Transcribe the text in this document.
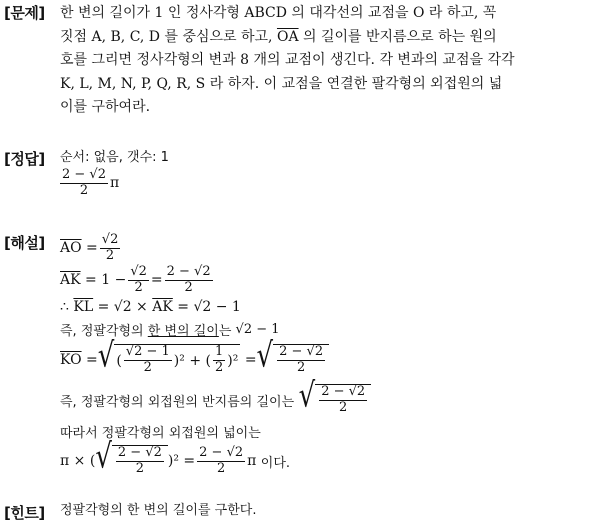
[문제] 한 변의 길이가 1 인 정사각형 ABCD 의 대각선의 교점을 O 라 하고, 꼭
짓점 A, B, C, D 를 중심으로 하고, $\overline{OA}$ 의 길이를 반지름으로 하는 원의
호를 그리면 정사각형의 변과 8 개의 교점이 생긴다. 각 변과의 교점을 각각
K, L, M, N, P, Q, R, S 라 하자. 이 교점을 연결한 팔각형의 외접원의 넓
이를 구하여라.
[정답] 순서: 없음, 갯수: 1
$\frac{2 - √2}{2}$ π
[해설] $\overline{AO}$
= $\frac{√2}{2}$
$\overline{AK}$
=
$1 - \frac{√2}{2} = \frac{2 - √2}{2}$
∴
$\overline{KL}$
= √2 ×
$\overline{AK}$
= √2 − 1
즉, 정팔각형의
한 변의 길이 는
√2 − 1
$\overline{KO}$
= √ ( $\frac{√2 - 1}{2}$ ) ²
+ ( $\frac{1}{2}$ ) ²
= √ $\frac{2 - √2}{2}$
즉, 정팔각형의 외접원의 반지름의 길이는
√ $\frac{2 - √2}{2}$
따라서 정팔각형의 외접원의 넓이는
π
× ( √ $\frac{2 - √2}{2}$ ) ²
= $\frac{2 - √2}{2}$ π
이다.
[힌트] 정팔각형의 한 변의 길이를 구한다.
